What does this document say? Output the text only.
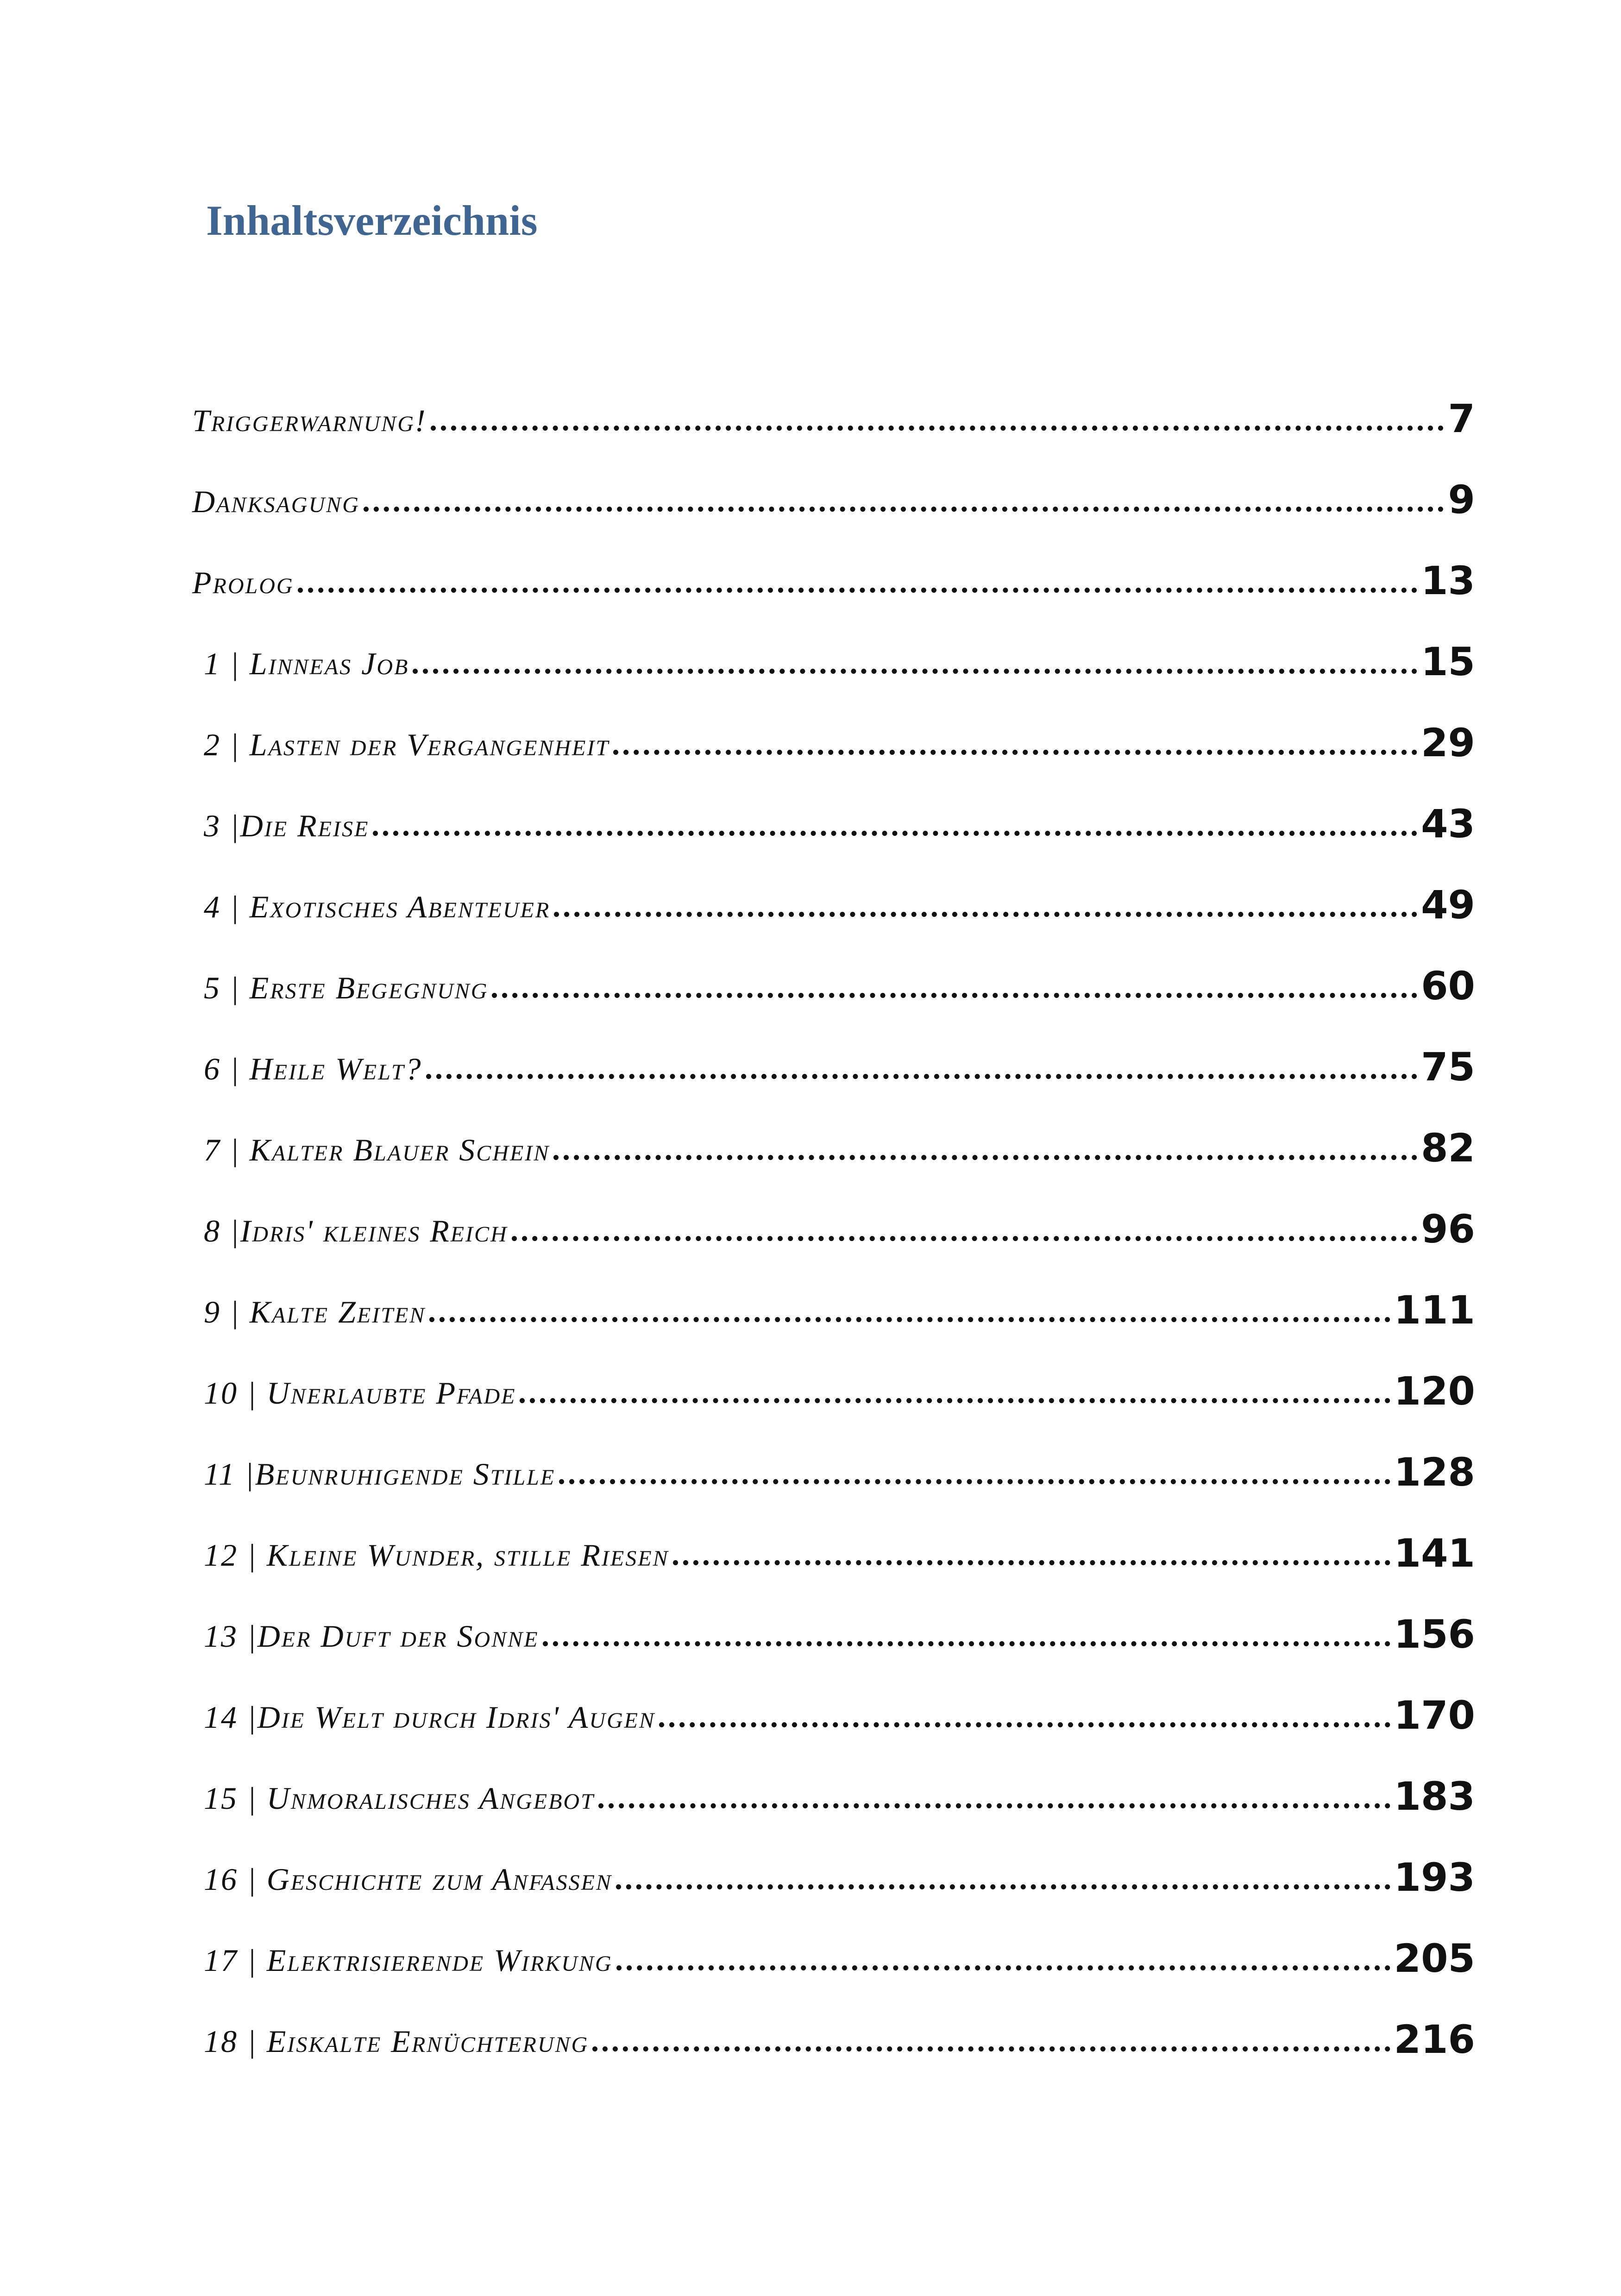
Inhaltsverzeichnis
Triggerwarnung!	7
Danksagung	9
Prolog	13
1 | Linneas Job	15
2 | Lasten der Vergangenheit	29
3 |Die Reise	43
4 | Exotisches Abenteuer	49
5 | Erste Begegnung	60
6 | Heile Welt?	75
7 | Kalter Blauer Schein	82
8 |Idris' kleines Reich	96
9 | Kalte Zeiten	111
10 | Unerlaubte Pfade	120
11 |Beunruhigende Stille	128
12 | Kleine Wunder, stille Riesen	141
13 |Der Duft der Sonne	156
14 |Die Welt durch Idris' Augen	170
15 | Unmoralisches Angebot	183
16 | Geschichte zum Anfassen	193
17 | Elektrisierende Wirkung	205
18 | Eiskalte Ernüchterung	216
